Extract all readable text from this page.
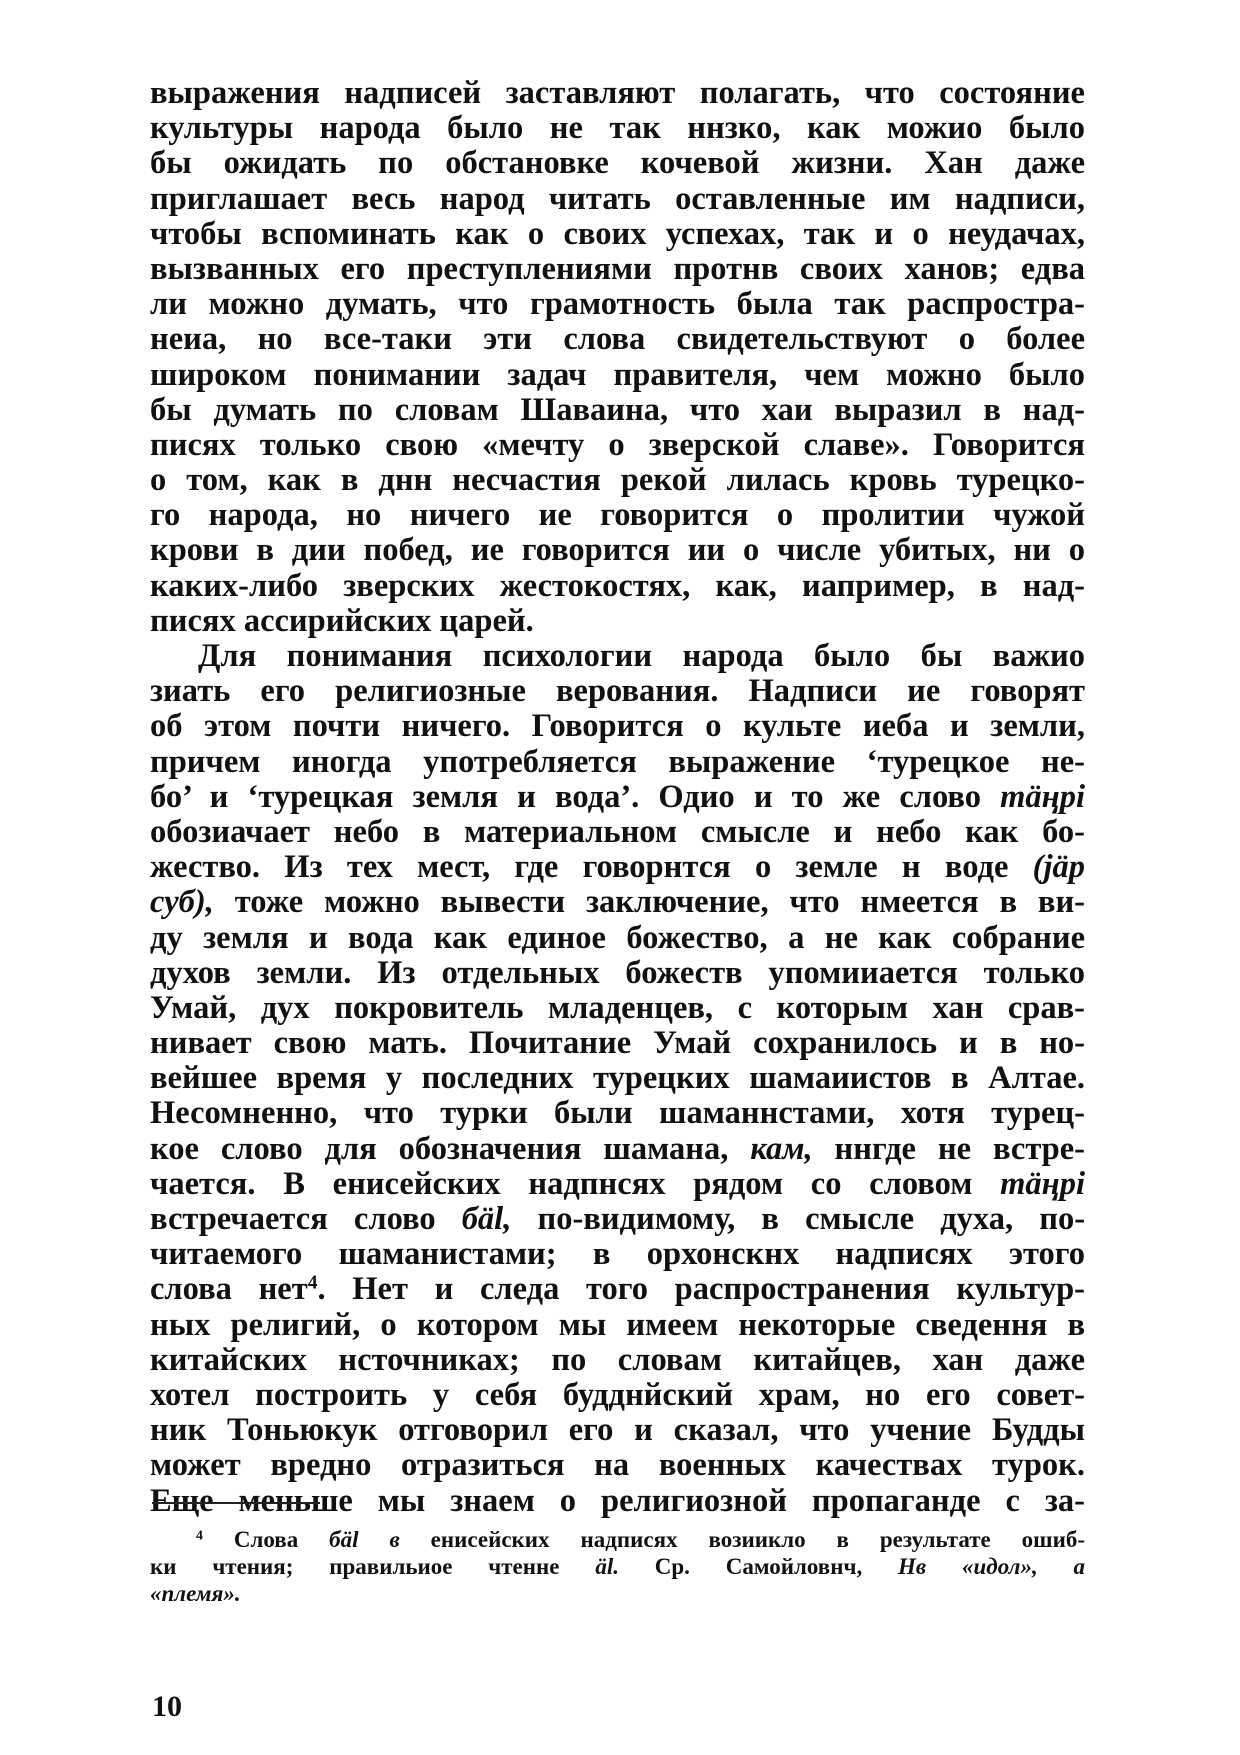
выражения надписей заставляют полагать, что состояние
культуры народа было не так ннзко, как можио было
бы ожидать по обстановке кочевой жизни. Хан даже
приглашает весь народ читать оставленные им надписи,
чтобы вспоминать как о своих успехах, так и о неудачах,
вызванных его преступлениями протнв своих ханов; едва
ли можно думать, что грамотность была так распростра-
неиа, но все-таки эти слова свидетельствуют о более
широком понимании задач правителя, чем можно было
бы думать по словам Шаваина, что хаи выразил в над-
писях только свою «мечту о зверской славе». Говорится
о том, как в днн несчастия рекой лилась кровь турецко-
го народа, но ничего ие говорится о пролитии чужой
крови в дии побед, ие говорится ии о числе убитых, ни о
каких-либо зверских жестокостях, как, иапример, в над-
писях ассирийских царей.
Для понимания психологии народа было бы важио
зиать его религиозные верования. Надписи ие говорят
об этом почти ничего. Говорится о культе иеба и земли,
причем иногда употребляется выражение ‘турецкое не-
бо’ и ‘турецкая земля и вода’. Одио и то же слово тäңрі
обозиачает небо в материальном смысле и небо как бо-
жество. Из тех мест, где говорнтся о земле н воде (jäр
суб), тоже можно вывести заключение, что нмеется в ви-
ду земля и вода как единое божество, а не как собрание
духов земли. Из отдельных божеств упомииается только
Умай, дух покровитель младенцев, с которым хан срав-
нивает свою мать. Почитание Умай сохранилось и в но-
вейшее время у последних турецких шамаиистов в Алтае.
Несомненно, что турки были шаманнстами, хотя турец-
кое слово для обозначения шамана, кам, ннгде не встре-
чается. В енисейских надпнсях рядом со словом тäңрі
встречается слово бäl, по-видимому, в смысле духа, по-
читаемого шаманистами; в орхонскнх надписях этого
слова нет$^4$. Нет и следа того распространения культур-
ных религий, о котором мы имеем некоторые сведення в
китайских нсточниках; по словам китайцев, хан даже
хотел построить у себя будднйский храм, но его совет-
ник Тоньюкук отговорил его и сказал, что учение Будды
может вредно отразиться на военных качествах турок.
Еще меньше мы знаем о религиозной пропаганде с за-
$^4$ Слова бäl в енисейских надписях возиикло в результате ошиб-
ки чтения; правильиое чтенне äl. Ср. Самойловнч, Нв «идол», а
«племя».
10
